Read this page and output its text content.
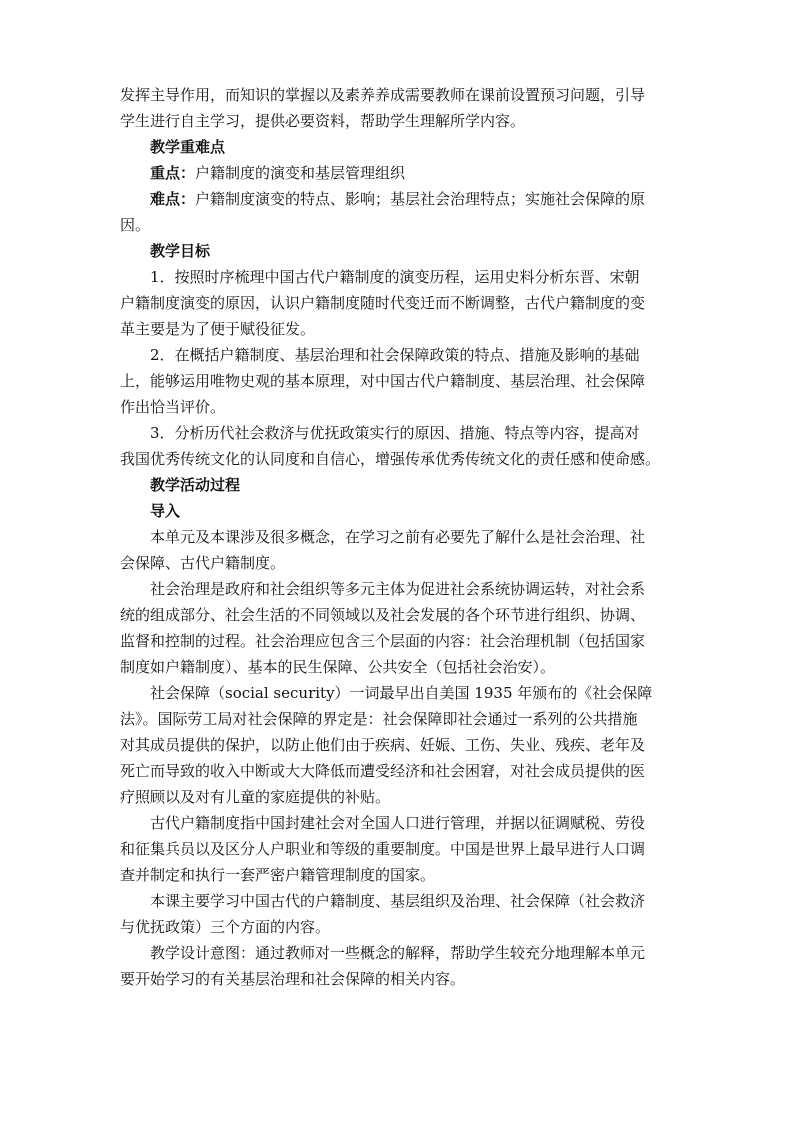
发挥主导作用，而知识的掌握以及素养养成需要教师在课前设置预习问题，引导

学生进行自主学习，提供必要资料，帮助学生理解所学内容。

教学重难点

重点：户籍制度的演变和基层管理组织

难点：户籍制度演变的特点、影响；基层社会治理特点；实施社会保障的原

因。

教学目标

1．按照时序梳理中国古代户籍制度的演变历程，运用史料分析东晋、宋朝

户籍制度演变的原因，认识户籍制度随时代变迁而不断调整，古代户籍制度的变

革主要是为了便于赋役征发。

2．在概括户籍制度、基层治理和社会保障政策的特点、措施及影响的基础

上，能够运用唯物史观的基本原理，对中国古代户籍制度、基层治理、社会保障

作出恰当评价。

3．分析历代社会救济与优抚政策实行的原因、措施、特点等内容，提高对

我国优秀传统文化的认同度和自信心，增强传承优秀传统文化的责任感和使命感。

教学活动过程

导入

本单元及本课涉及很多概念，在学习之前有必要先了解什么是社会治理、社

会保障、古代户籍制度。

社会治理是政府和社会组织等多元主体为促进社会系统协调运转，对社会系

统的组成部分、社会生活的不同领域以及社会发展的各个环节进行组织、协调、

监督和控制的过程。社会治理应包含三个层面的内容：社会治理机制（包括国家

制度如户籍制度）、基本的民生保障、公共安全（包括社会治安）。

社会保障（social security）一词最早出自美国 1935 年颁布的《社会保障

法》。国际劳工局对社会保障的界定是：社会保障即社会通过一系列的公共措施

对其成员提供的保护，以防止他们由于疾病、妊娠、工伤、失业、残疾、老年及

死亡而导致的收入中断或大大降低而遭受经济和社会困窘，对社会成员提供的医

疗照顾以及对有儿童的家庭提供的补贴。

古代户籍制度指中国封建社会对全国人口进行管理，并据以征调赋税、劳役

和征集兵员以及区分人户职业和等级的重要制度。中国是世界上最早进行人口调

查并制定和执行一套严密户籍管理制度的国家。

本课主要学习中国古代的户籍制度、基层组织及治理、社会保障（社会救济

与优抚政策）三个方面的内容。

教学设计意图：通过教师对一些概念的解释，帮助学生较充分地理解本单元

要开始学习的有关基层治理和社会保障的相关内容。
